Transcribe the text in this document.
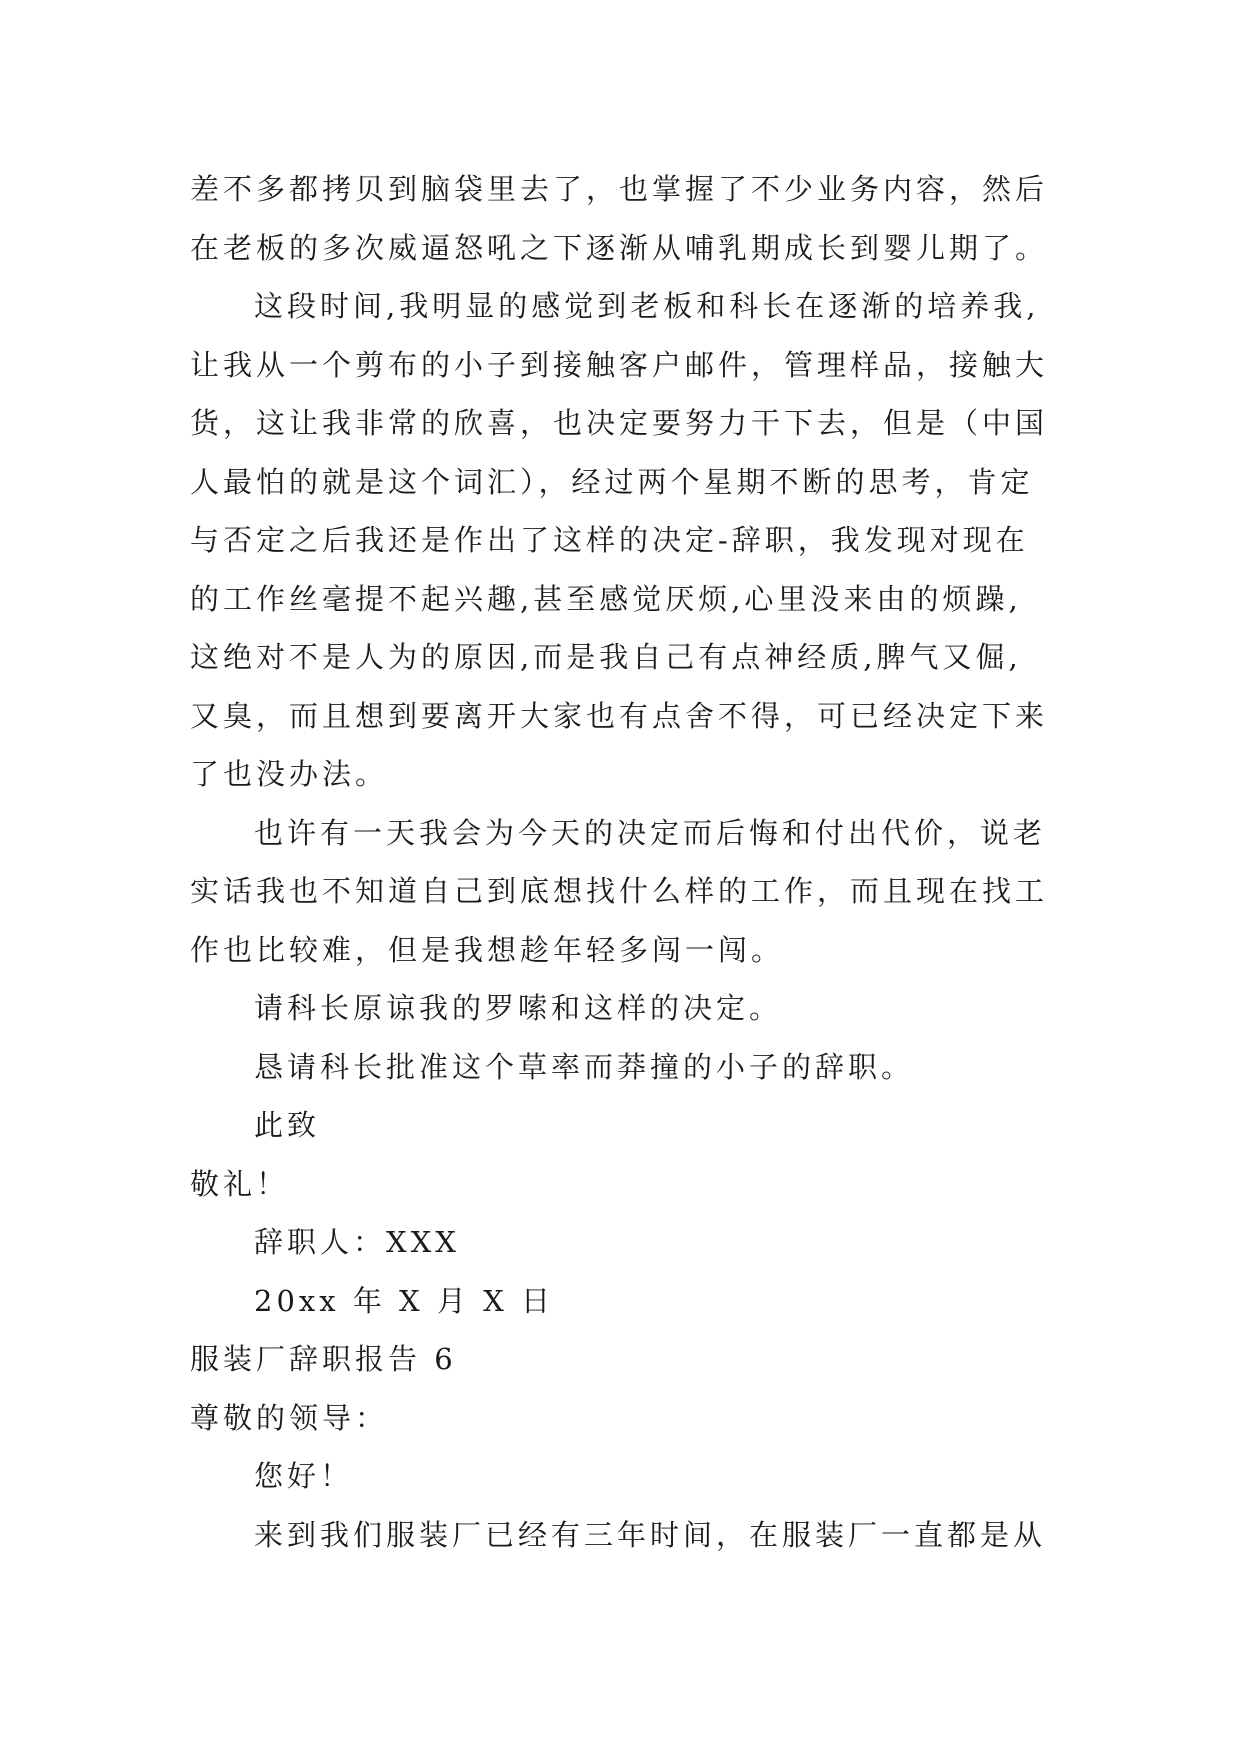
差不多都拷贝到脑袋里去了，也掌握了不少业务内容，然后
在老板的多次威逼怒吼之下逐渐从哺乳期成长到婴儿期了。
这段时间,我明显的感觉到老板和科长在逐渐的培养我,
让我从一个剪布的小子到接触客户邮件，管理样品，接触大
货，这让我非常的欣喜，也决定要努力干下去，但是（中国
人最怕的就是这个词汇），经过两个星期不断的思考，肯定
与否定之后我还是作出了这样的决定-辞职，我发现对现在
的工作丝毫提不起兴趣,甚至感觉厌烦,心里没来由的烦躁,
这绝对不是人为的原因,而是我自己有点神经质,脾气又倔,
又臭，而且想到要离开大家也有点舍不得，可已经决定下来
了也没办法。
也许有一天我会为今天的决定而后悔和付出代价，说老
实话我也不知道自己到底想找什么样的工作，而且现在找工
作也比较难，但是我想趁年轻多闯一闯。
请科长原谅我的罗嗦和这样的决定。
恳请科长批准这个草率而莽撞的小子的辞职。
此致
敬礼！
辞职人：XXX
20xx 年 X 月 X 日
服装厂辞职报告 6
尊敬的领导：
您好！
来到我们服装厂已经有三年时间，在服装厂一直都是从
